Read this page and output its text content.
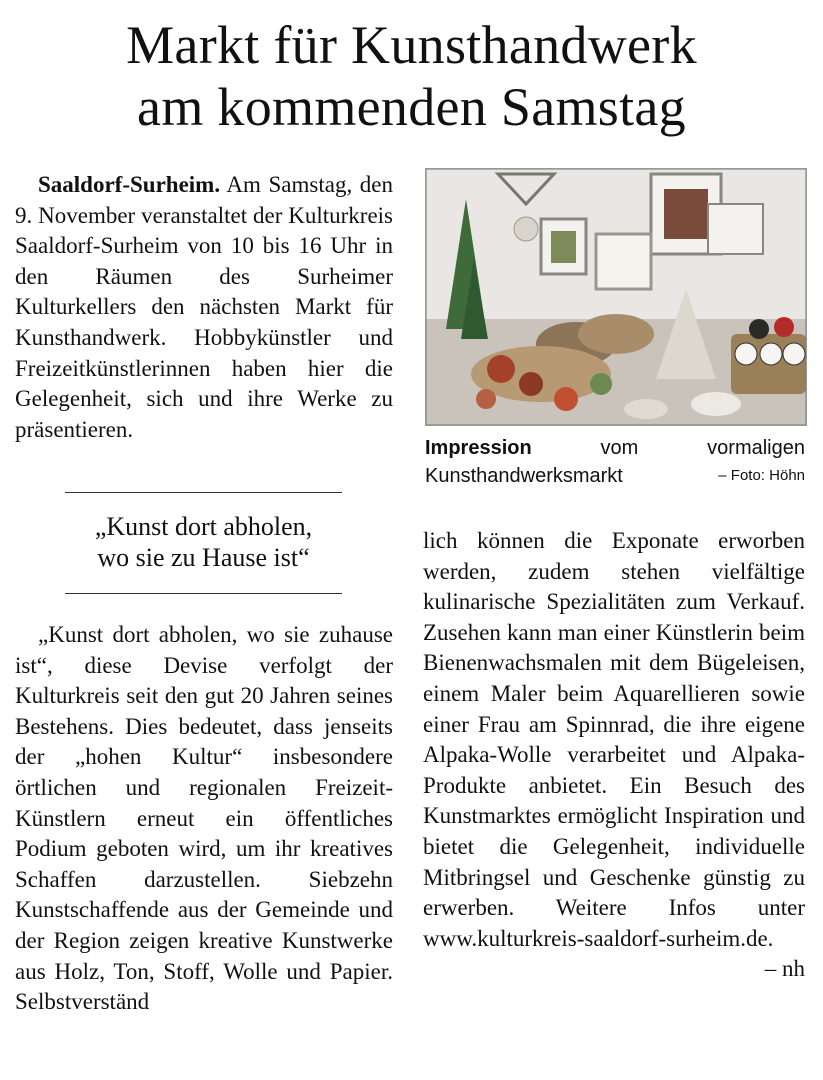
Markt für Kunsthandwerk
am kommenden Samstag

Saaldorf-Surheim. Am Samstag, den 9. November veranstaltet der Kulturkreis Saaldorf-Surheim von 10 bis 16 Uhr in den Räumen des Surheimer Kulturkellers den nächsten Markt für Kunsthandwerk. Hobbykünstler und Freizeitkünstlerinnen haben hier die Gelegenheit, sich und ihre Werke zu präsentieren.

„Kunst dort abholen,
wo sie zu Hause ist“

„Kunst dort abholen, wo sie zuhause ist“, diese Devise verfolgt der Kulturkreis seit den gut 20 Jahren seines Bestehens. Dies bedeutet, dass jenseits der „hohen Kultur“ insbesondere örtlichen und regionalen Freizeit-Künstlern erneut ein öffentliches Podium geboten wird, um ihr kreatives Schaffen darzustellen. Siebzehn Kunstschaffende aus der Gemeinde und der Region zeigen kreative Kunstwerke aus Holz, Ton, Stoff, Wolle und Papier. Selbstverständ

Impression	vom	vormaligen
Kunsthandwerksmarkt	– Foto: Höhn

lich können die Exponate erworben werden, zudem stehen vielfältige kulinarische Spezialitäten zum Verkauf. Zusehen kann man einer Künstlerin beim Bienenwachsmalen mit dem Bügeleisen, einem Maler beim Aquarellieren sowie einer Frau am Spinnrad, die ihre eigene Alpaka-Wolle verarbeitet und Alpaka-Produkte anbietet. Ein Besuch des Kunstmarktes ermöglicht Inspiration und bietet die Gelegenheit, individuelle Mitbringsel und Geschenke günstig zu erwerben. Weitere Infos unter www.kulturkreis-saaldorf-surheim.de.
– nh
